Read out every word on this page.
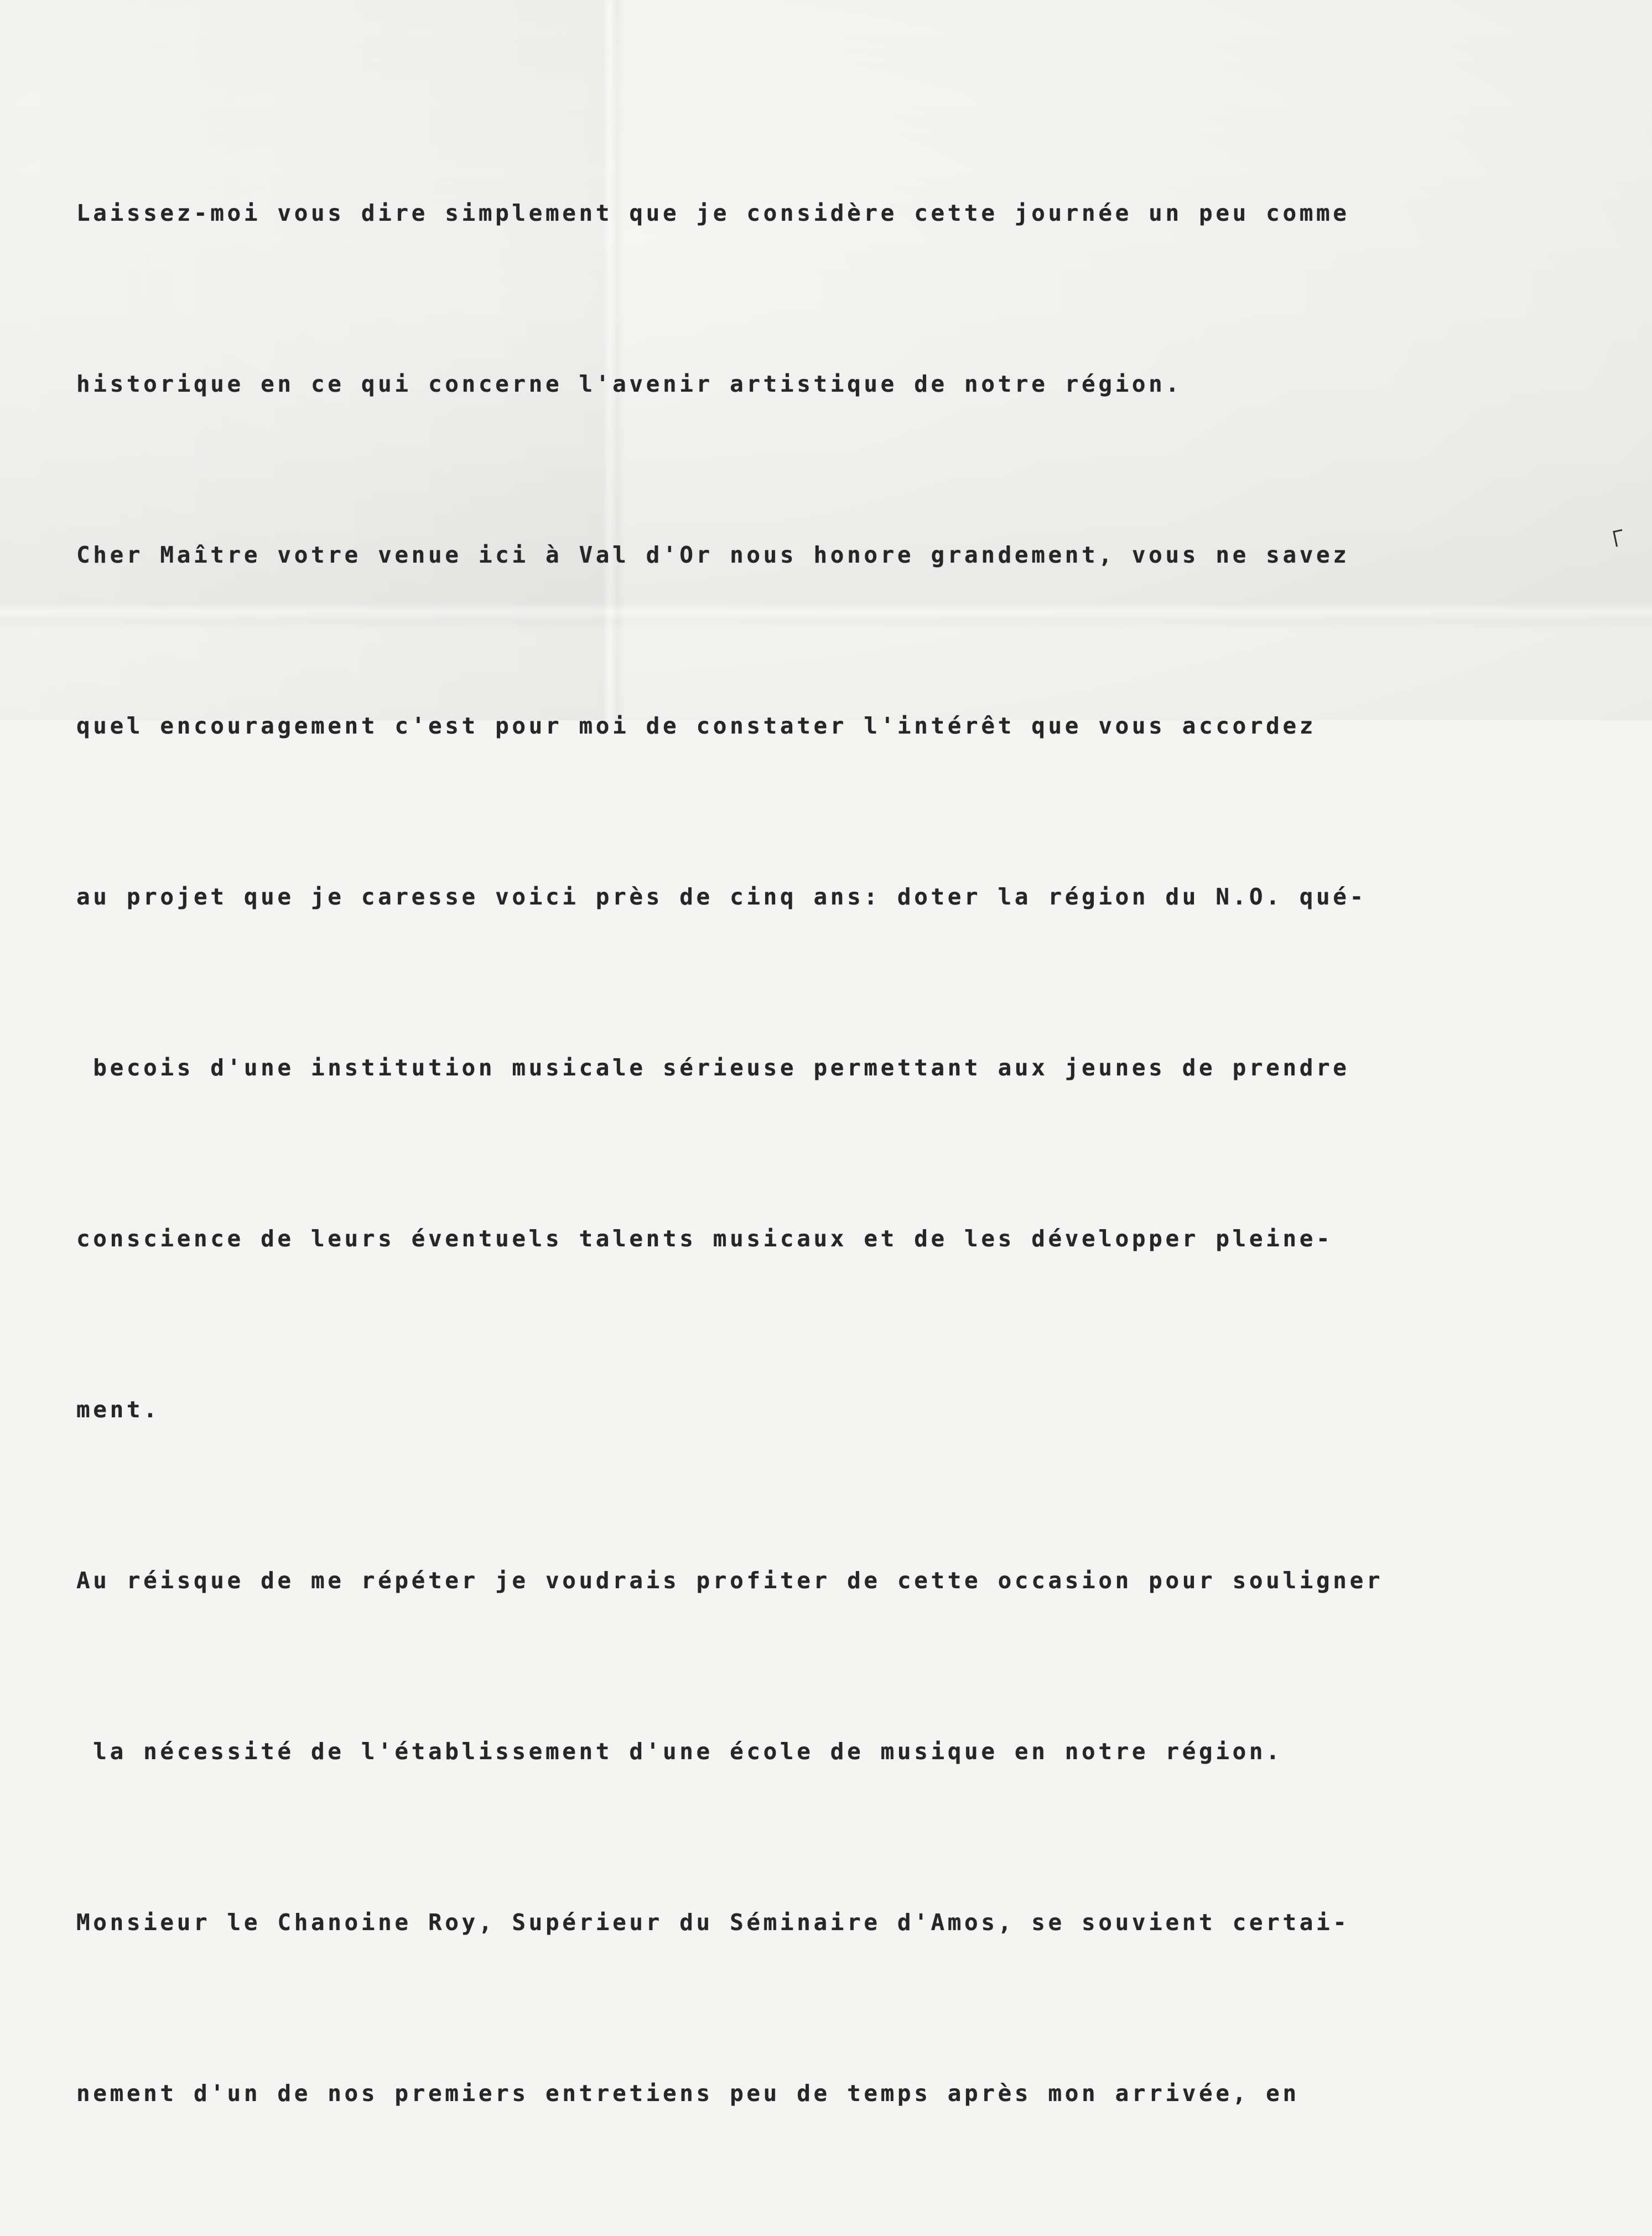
Laissez-moi vous dire simplement que je considère cette journée un peu comme

historique en ce qui concerne l'avenir artistique de notre région.

Cher Maître votre venue ici à Val d'Or nous honore grandement, vous ne savez

quel encouragement c'est pour moi de constater l'intérêt que vous accordez

au projet que je caresse voici près de cinq ans: doter la région du N.O. qué-

becois d'une institution musicale sérieuse permettant aux jeunes de prendre

conscience de leurs éventuels talents musicaux et de les développer pleine-

ment.

Au réisque de me répéter je voudrais profiter de cette occasion pour souligner

la nécessité de l'établissement d'une école de musique en notre région.

Monsieur le Chanoine Roy, Supérieur du Séminaire d'Amos, se souvient certai-

nement d'un de nos premiers entretiens peu de temps après mon arrivée, en
